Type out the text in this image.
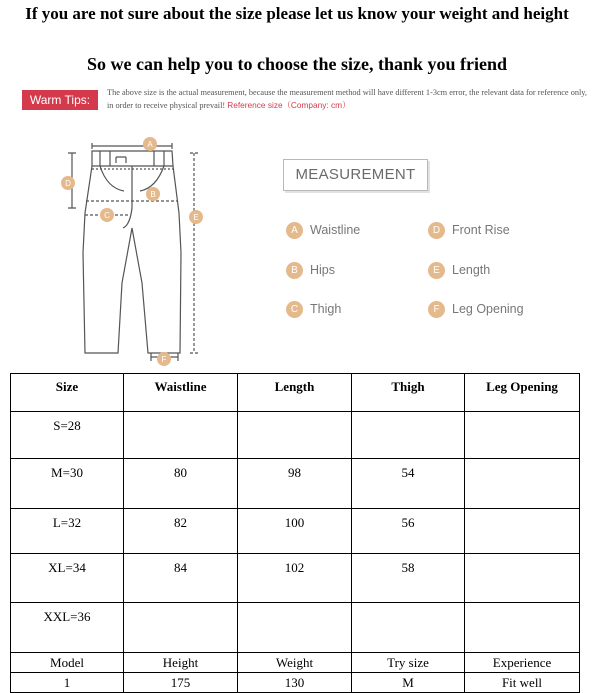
If you are not sure about the size please let us know your weight and height
So we can help you to choose the size, thank you friend
Warm Tips:
The above size is the actual measurement, because the measurement method will have different 1-3cm error, the relevant data for reference only, in order to receive physical prevail! Reference size（Company: cm）
A
B
C
D
E
F
MEASUREMENT
A Waistline	D Front Rise
B Hips	E Length
C Thigh	F Leg Opening
Size	Waistline	Length	Thigh	Leg Opening
S=28				
M=30	80	98	54	
L=32	82	100	56	
XL=34	84	102	58	
XXL=36				
Model	Height	Weight	Try size	Experience
1	175	130	M	Fit well
